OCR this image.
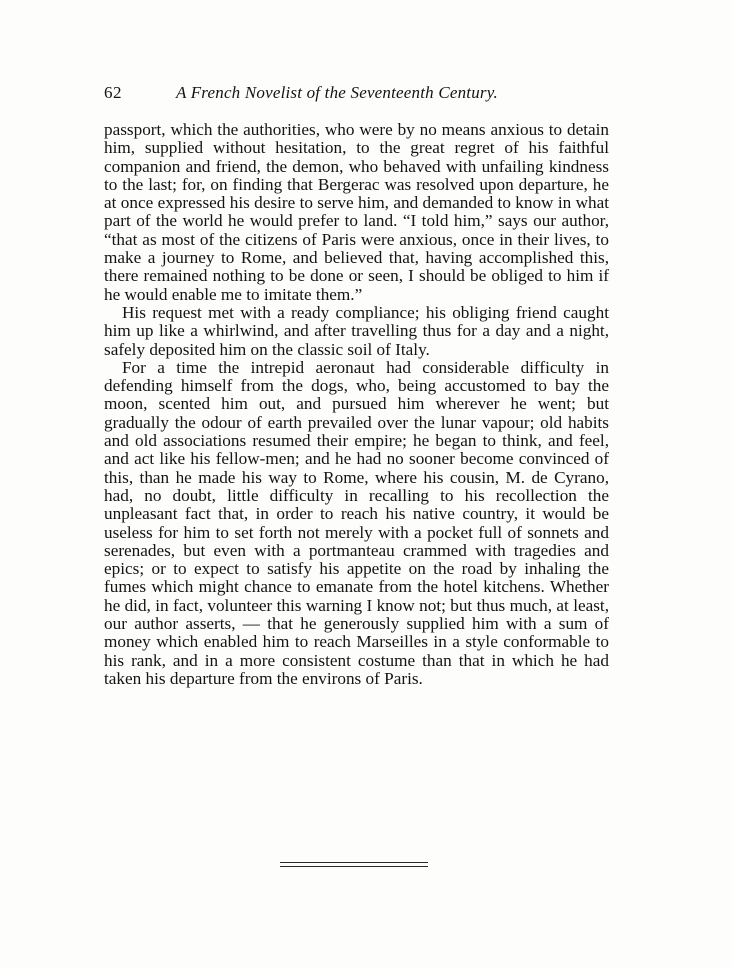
62	A French Novelist of the Seventeenth Century.

passport, which the authorities, who were by no means anxious to detain him, supplied without hesitation, to the great regret of his faithful companion and friend, the demon, who behaved with unfailing kindness to the last; for, on finding that Bergerac was resolved upon departure, he at once expressed his desire to serve him, and demanded to know in what part of the world he would prefer to land. “I told him,” says our author, “that as most of the citizens of Paris were anxious, once in their lives, to make a journey to Rome, and believed that, having accomplished this, there remained nothing to be done or seen, I should be obliged to him if he would enable me to imitate them.”

His request met with a ready compliance; his obliging friend caught him up like a whirlwind, and after travelling thus for a day and a night, safely deposited him on the classic soil of Italy.

For a time the intrepid aeronaut had considerable difficulty in defending himself from the dogs, who, being accustomed to bay the moon, scented him out, and pursued him wherever he went; but gradually the odour of earth prevailed over the lunar vapour; old habits and old associations resumed their empire; he began to think, and feel, and act like his fellow-men; and he had no sooner become convinced of this, than he made his way to Rome, where his cousin, M. de Cyrano, had, no doubt, little difficulty in recalling to his recollection the unpleasant fact that, in order to reach his native country, it would be useless for him to set forth not merely with a pocket full of sonnets and serenades, but even with a portmanteau crammed with tragedies and epics; or to expect to satisfy his appetite on the road by inhaling the fumes which might chance to emanate from the hotel kitchens. Whether he did, in fact, volunteer this warning I know not; but thus much, at least, our author asserts, — that he generously supplied him with a sum of money which enabled him to reach Marseilles in a style conformable to his rank, and in a more consistent costume than that in which he had taken his departure from the environs of Paris.
